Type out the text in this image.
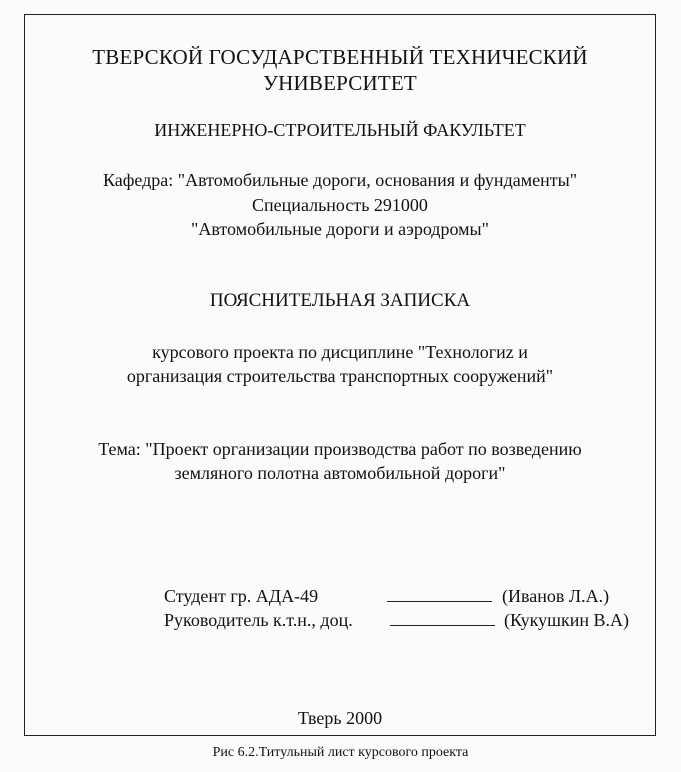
ТВЕРСКОЙ ГОСУДАРСТВЕННЫЙ ТЕХНИЧЕСКИЙ
УНИВЕРСИТЕТ
ИНЖЕНЕРНО-СТРОИТЕЛЬНЫЙ ФАКУЛЬТЕТ
Кафедра: "Автомобильные дороги, основания и фундаменты"
Специальность 291000
"Автомобильные дороги и аэродромы"
ПОЯСНИТЕЛЬНАЯ ЗАПИСКА
курсового проекта по дисциплине "Технологиz и
организация строительства транспортных сооружений"
Тема: "Проект организации производства работ по возведению
земляного полотна автомобильной дороги"
Студент гр. АДА-49	(Иванов Л.А.)
Руководитель к.т.н., доц.	(Кукушкин В.А)
Тверь 2000
Рис 6.2.Титульный лист курсового проекта
